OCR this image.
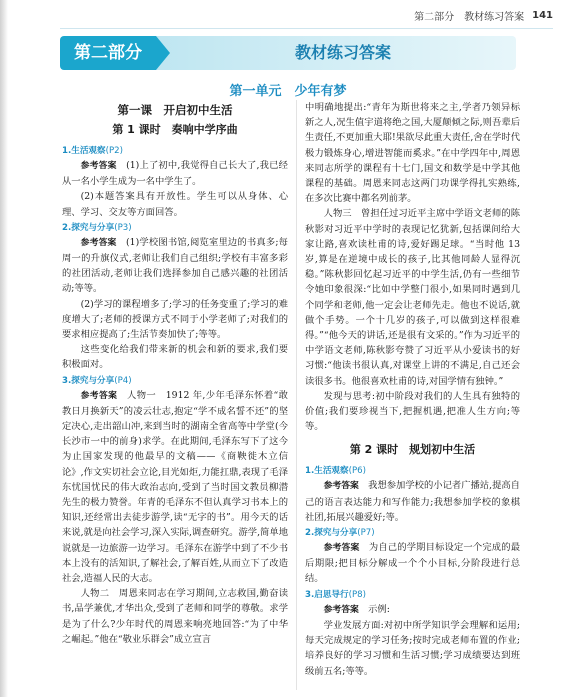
第二部分　教材练习答案 141
第二部分	教材练习答案
第一单元　少年有梦
第一课　开启初中生活
第 1 课时　奏响中学序曲
1.生活观察(P2)

参考答案　 (1)上了初中,我觉得自己长大了,我已经从一名小学生成为一名中学生了。

(2)本题答案具有开放性。学生可以从身体、心理、学习、交友等方面回答。

2.探究与分享(P3)

参考答案　 (1)学校图书馆,阅览室里边的书真多;每周一的升旗仪式,老师让我们自己组织;学校有丰富多彩的社团活动,老师让我们选择参加自己感兴趣的社团活动;等等。

(2)学习的课程增多了;学习的任务变重了;学习的难度增大了;老师的授课方式不同于小学老师了;对我们的要求相应提高了;生活节奏加快了;等等。

这些变化给我们带来新的机会和新的要求,我们要积极面对。

3.探究与分享(P4)

参考答案　 人物一　1912 年,少年毛泽东怀着“敢教日月换新天”的凌云壮志,抱定“学不成名誓不还”的坚定决心,走出韶山冲,来到当时的湖南全省高等中学堂(今长沙市一中的前身)求学。在此期间,毛泽东写下了这今为止国家发现的他最早的文稿——《商鞅徙木立信论》,作文实切社会立论,目光如炬,力能扛鼎,表现了毛泽东忧国忧民的伟大政治志向,受到了当时国文教员柳潜先生的极力赞誉。年青的毛泽东不但认真学习书本上的知识,还经常出去徒步游学,读“无字的书”。用今天的话来说,就是向社会学习,深入实际,调查研究。游学,简单地说就是一边旅游一边学习。毛泽东在游学中到了不少书本上没有的活知识,了解社会,了解百姓,从而立下了改造社会,造福人民的大志。

人物二　周恩来同志在学习期间,立志救国,勤奋读书,品学兼优,才华出众,受到了老师和同学的尊敬。求学是为了什么?少年时代的周恩来响亮地回答:“为了中华之崛起。”他在“敬业乐群会”成立宣言

中明确地提出:“青年为斯世将来之主,学者乃领异标新之人,况生值宇道将绝之国,大厦颠倾之际,则吾辈后生责任,不更加重大耶!果欲尽此重大责任,舍在学时代极力锻炼身心,增进智能而奚求。”在中学四年中,周恩来同志所学的课程有十七门,国文和数学是中学其他课程的基础。周恩来同志这两门功课学得扎实熟练,在多次比赛中都名列前茅。

人物三　曾担任过习近平主席中学语文老师的陈秋影对习近平中学时的表现记忆犹新,包括课间给大家让路,喜欢读杜甫的诗,爱好踢足球。“当时他 13 岁,算是在逆境中成长的孩子,比其他同龄人显得沉稳。”陈秋影回忆起习近平的中学生活,仍有一些细节令她印象很深:“比如中学整门很小,如果同时遇到几个同学和老师,他一定会让老师先走。他也不说话,就做个手势。一个十几岁的孩子,可以做到这样很难得。”“他今天的讲话,还是很有文采的。”作为习近平的中学语文老师,陈秋影夸赞了习近平从小爱读书的好习惯:“他读书很认真,对课堂上讲的不满足,自己还会读很多书。他很喜欢杜甫的诗,对国学情有独钟。”

发现与思考:初中阶段对我们的人生具有独特的价值;我们要珍视当下,把握机遇,把准人生方向;等等。

第 2 课时　规划初中生活
1.生活观察(P6)

参考答案　 我想参加学校的小记者广播站,提高自己的语言表达能力和写作能力;我想参加学校的象棋社团,拓展兴趣爱好;等。

2.探究与分享(P7)

参考答案　 为自己的学期目标设定一个完成的最后期限;把目标分解成一个个小目标,分阶段进行总结。

3.启思导行(P8)

参考答案　 示例:

学业发展方面:对初中所学知识学会理解和运用;每天完成规定的学习任务;按时完成老师布置的作业;培养良好的学习习惯和生活习惯;学习成绩要达到班级前五名;等等。
